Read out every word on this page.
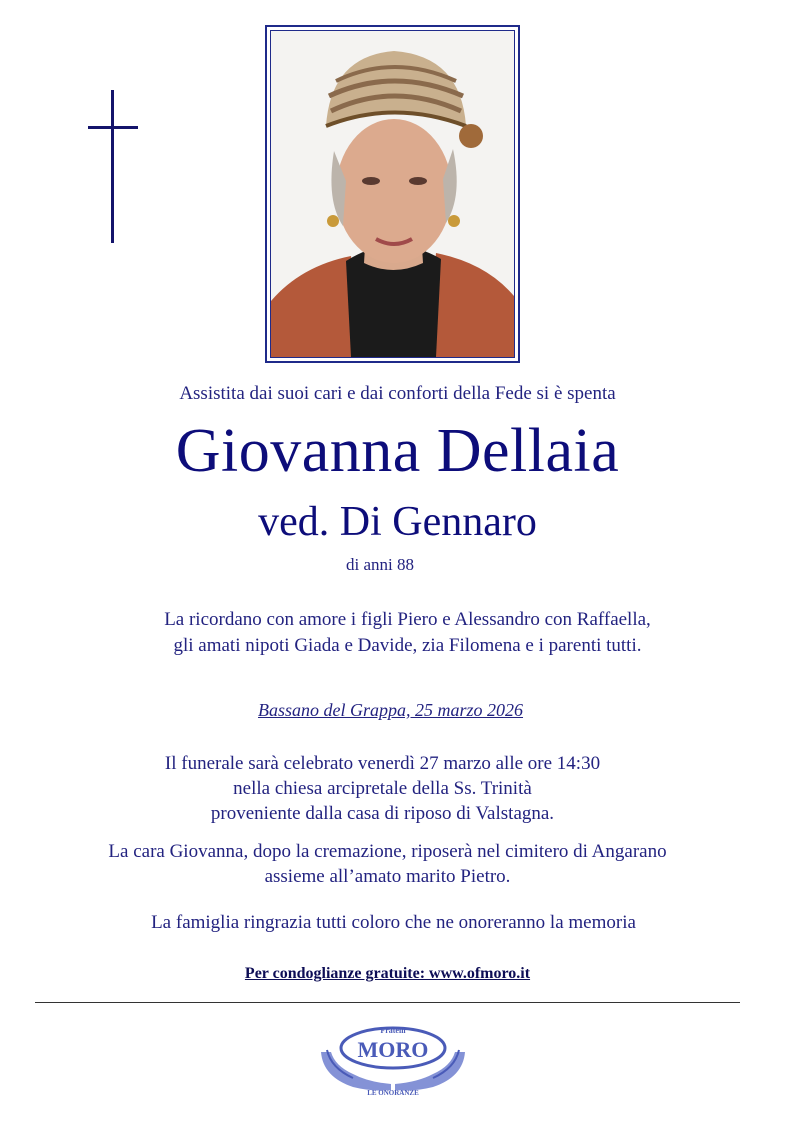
Assistita dai suoi cari e dai conforti della Fede si è spenta
Giovanna Dellaia
ved. Di Gennaro
di anni 88
La ricordano con amore i figli Piero e Alessandro con Raffaella,
gli amati nipoti Giada e Davide, zia Filomena e i parenti tutti.
Bassano del Grappa, 25 marzo 2026
Il funerale sarà celebrato venerdì 27 marzo alle ore 14:30
nella chiesa arcipretale della Ss. Trinità
proveniente dalla casa di riposo di Valstagna.
La cara Giovanna, dopo la cremazione, riposerà nel cimitero di Angarano
assieme all’amato marito Pietro.
La famiglia ringrazia tutti coloro che ne onoreranno la memoria
Per condoglianze gratuite: www.ofmoro.it
Fratelli
MORO
LE ONORANZE
